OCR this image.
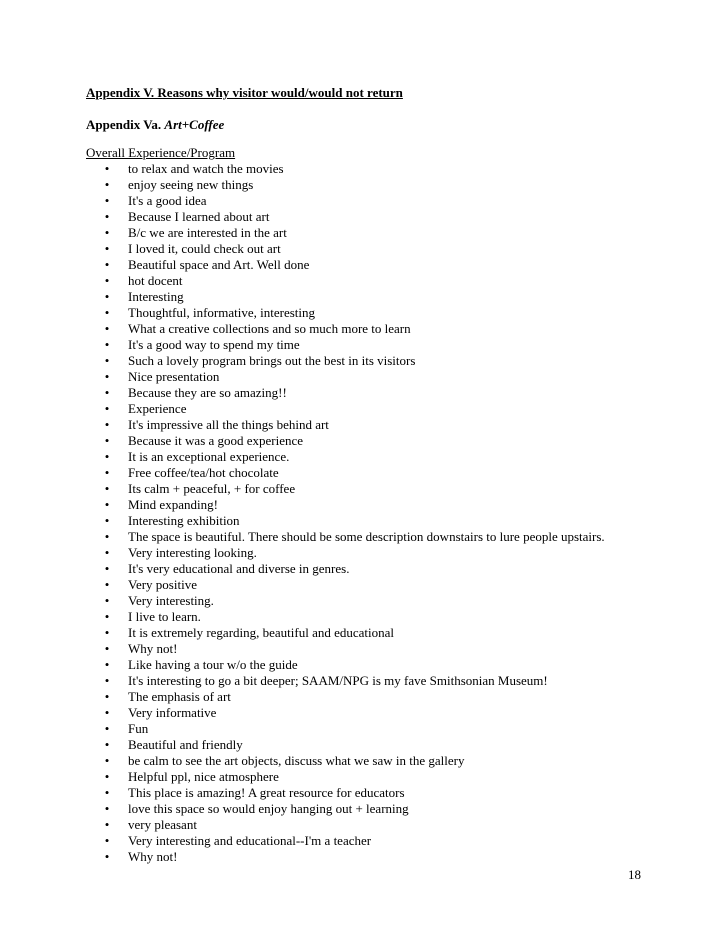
Appendix V. Reasons why visitor would/would not return
Appendix Va. Art+Coffee
Overall Experience/Program
• to relax and watch the movies
• enjoy seeing new things
• It's a good idea
• Because I learned about art
• B/c we are interested in the art
• I loved it, could check out art
• Beautiful space and Art. Well done
• hot docent
• Interesting
• Thoughtful, informative, interesting
• What a creative collections and so much more to learn
• It's a good way to spend my time
• Such a lovely program brings out the best in its visitors
• Nice presentation
• Because they are so amazing!!
• Experience
• It's impressive all the things behind art
• Because it was a good experience
• It is an exceptional experience.
• Free coffee/tea/hot chocolate
• Its calm + peaceful, + for coffee
• Mind expanding!
• Interesting exhibition
• The space is beautiful. There should be some description downstairs to lure people upstairs.
• Very interesting looking.
• It's very educational and diverse in genres.
• Very positive
• Very interesting.
• I live to learn.
• It is extremely regarding, beautiful and educational
• Why not!
• Like having a tour w/o the guide
• It's interesting to go a bit deeper; SAAM/NPG is my fave Smithsonian Museum!
• The emphasis of art
• Very informative
• Fun
• Beautiful and friendly
• be calm to see the art objects, discuss what we saw in the gallery
• Helpful ppl, nice atmosphere
• This place is amazing! A great resource for educators
• love this space so would enjoy hanging out + learning
• very pleasant
• Very interesting and educational--I'm a teacher
• Why not!
18
